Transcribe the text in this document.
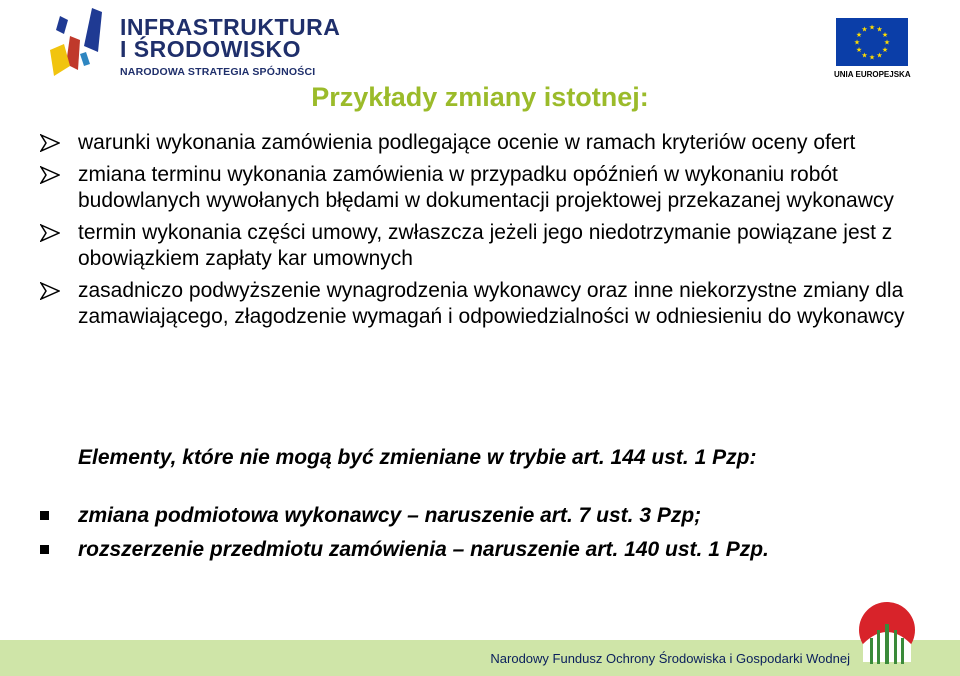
INFRASTRUKTURA
I ŚRODOWISKO
NARODOWA STRATEGIA SPÓJNOŚCI
★
★
★
★
★
★
★
★
★ ★ ★
★
UNIA EUROPEJSKA
Przykłady zmiany istotnej:
warunki wykonania zamówienia podlegające ocenie w ramach kryteriów oceny ofert
zmiana terminu wykonania zamówienia w przypadku opóźnień w wykonaniu robót budowlanych wywołanych błędami w dokumentacji projektowej przekazanej wykonawcy
termin wykonania części umowy, zwłaszcza jeżeli jego niedotrzymanie powiązane jest z obowiązkiem zapłaty kar umownych
zasadniczo podwyższenie wynagrodzenia wykonawcy oraz inne niekorzystne zmiany dla zamawiającego, złagodzenie wymagań i odpowiedzialności w odniesieniu do wykonawcy
Elementy, które nie mogą być zmieniane w trybie art. 144 ust. 1 Pzp:
zmiana podmiotowa wykonawcy – naruszenie art. 7 ust. 3 Pzp;
rozszerzenie przedmiotu zamówienia – naruszenie art. 140 ust. 1 Pzp.
Narodowy Fundusz Ochrony Środowiska i Gospodarki Wodnej
